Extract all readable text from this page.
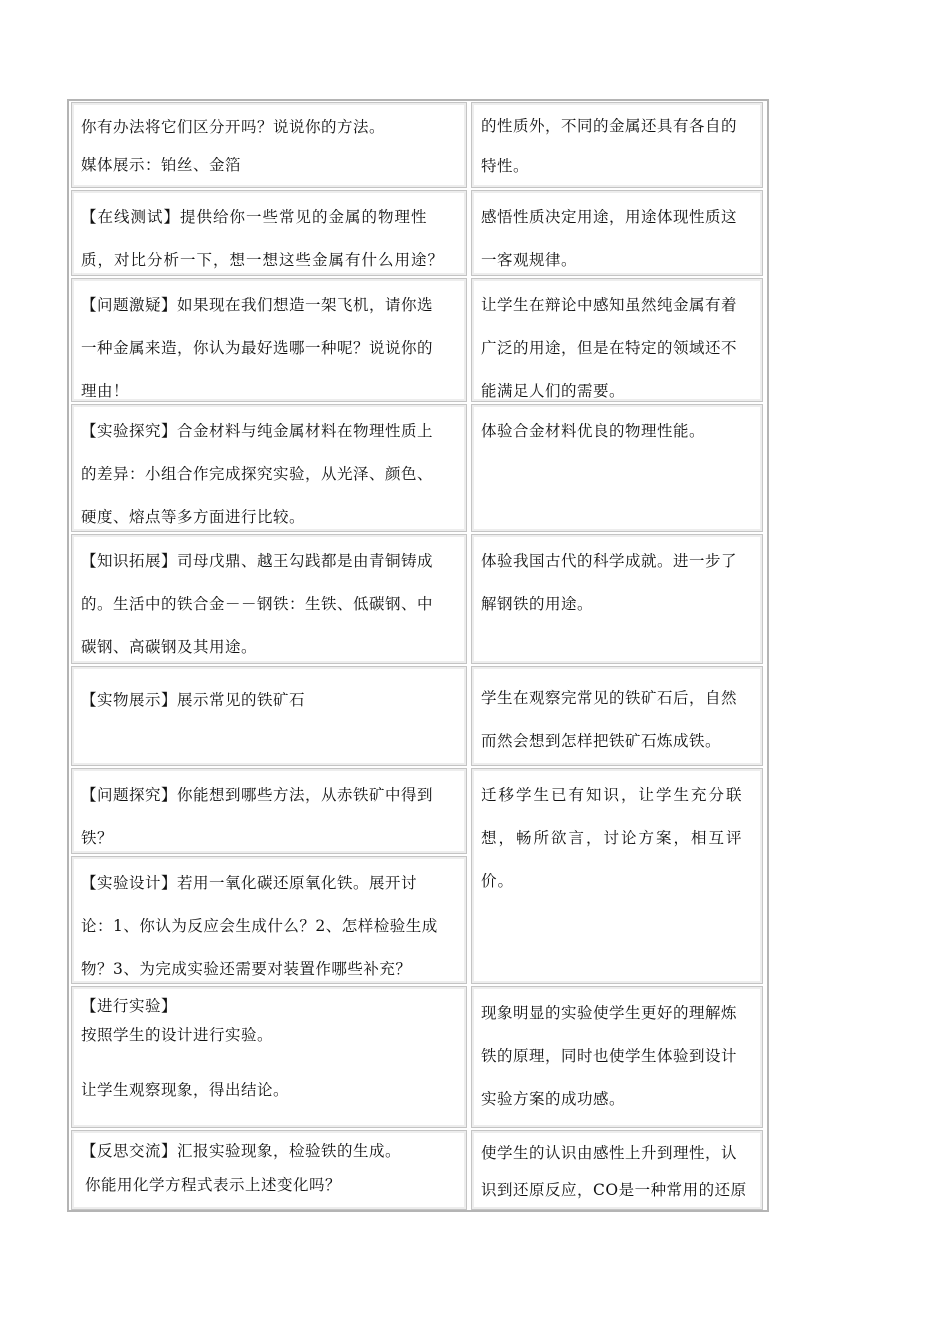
你有办法将它们区分开吗？说说你的方法。
媒体展示：铂丝、金箔
的性质外，不同的金属还具有各自的
特性。
【在线测试】提供给你一些常见的金属的物理性
质，对比分析一下，想一想这些金属有什么用途？
感悟性质决定用途，用途体现性质这
一客观规律。
【问题激疑】如果现在我们想造一架飞机，请你选
一种金属来造，你认为最好选哪一种呢？说说你的
理由！
让学生在辩论中感知虽然纯金属有着
广泛的用途，但是在特定的领域还不
能满足人们的需要。
【实验探究】合金材料与纯金属材料在物理性质上
的差异：小组合作完成探究实验，从光泽、颜色、
硬度、熔点等多方面进行比较。
体验合金材料优良的物理性能。
【知识拓展】司母戊鼎、越王勾践都是由青铜铸成
的。生活中的铁合金－－钢铁：生铁、低碳钢、中
碳钢、高碳钢及其用途。
体验我国古代的科学成就。进一步了
解钢铁的用途。
【实物展示】展示常见的铁矿石	学生在观察完常见的铁矿石后，自然
而然会想到怎样把铁矿石炼成铁。
【问题探究】你能想到哪些方法，从赤铁矿中得到
铁？
【实验设计】若用一氧化碳还原氧化铁。展开讨
论：1、你认为反应会生成什么？2、怎样检验生成
物？3、为完成实验还需要对装置作哪些补充？
迁移学生已有知识，让学生充分联
想，畅所欲言，讨论方案，相互评
价。
【进行实验】
按照学生的设计进行实验。
让学生观察现象，得出结论。
现象明显的实验使学生更好的理解炼
铁的原理，同时也使学生体验到设计
实验方案的成功感。
【反思交流】汇报实验现象，检验铁的生成。
你能用化学方程式表示上述变化吗？
使学生的认识由感性上升到理性，认
识到还原反应，CO是一种常用的还原
